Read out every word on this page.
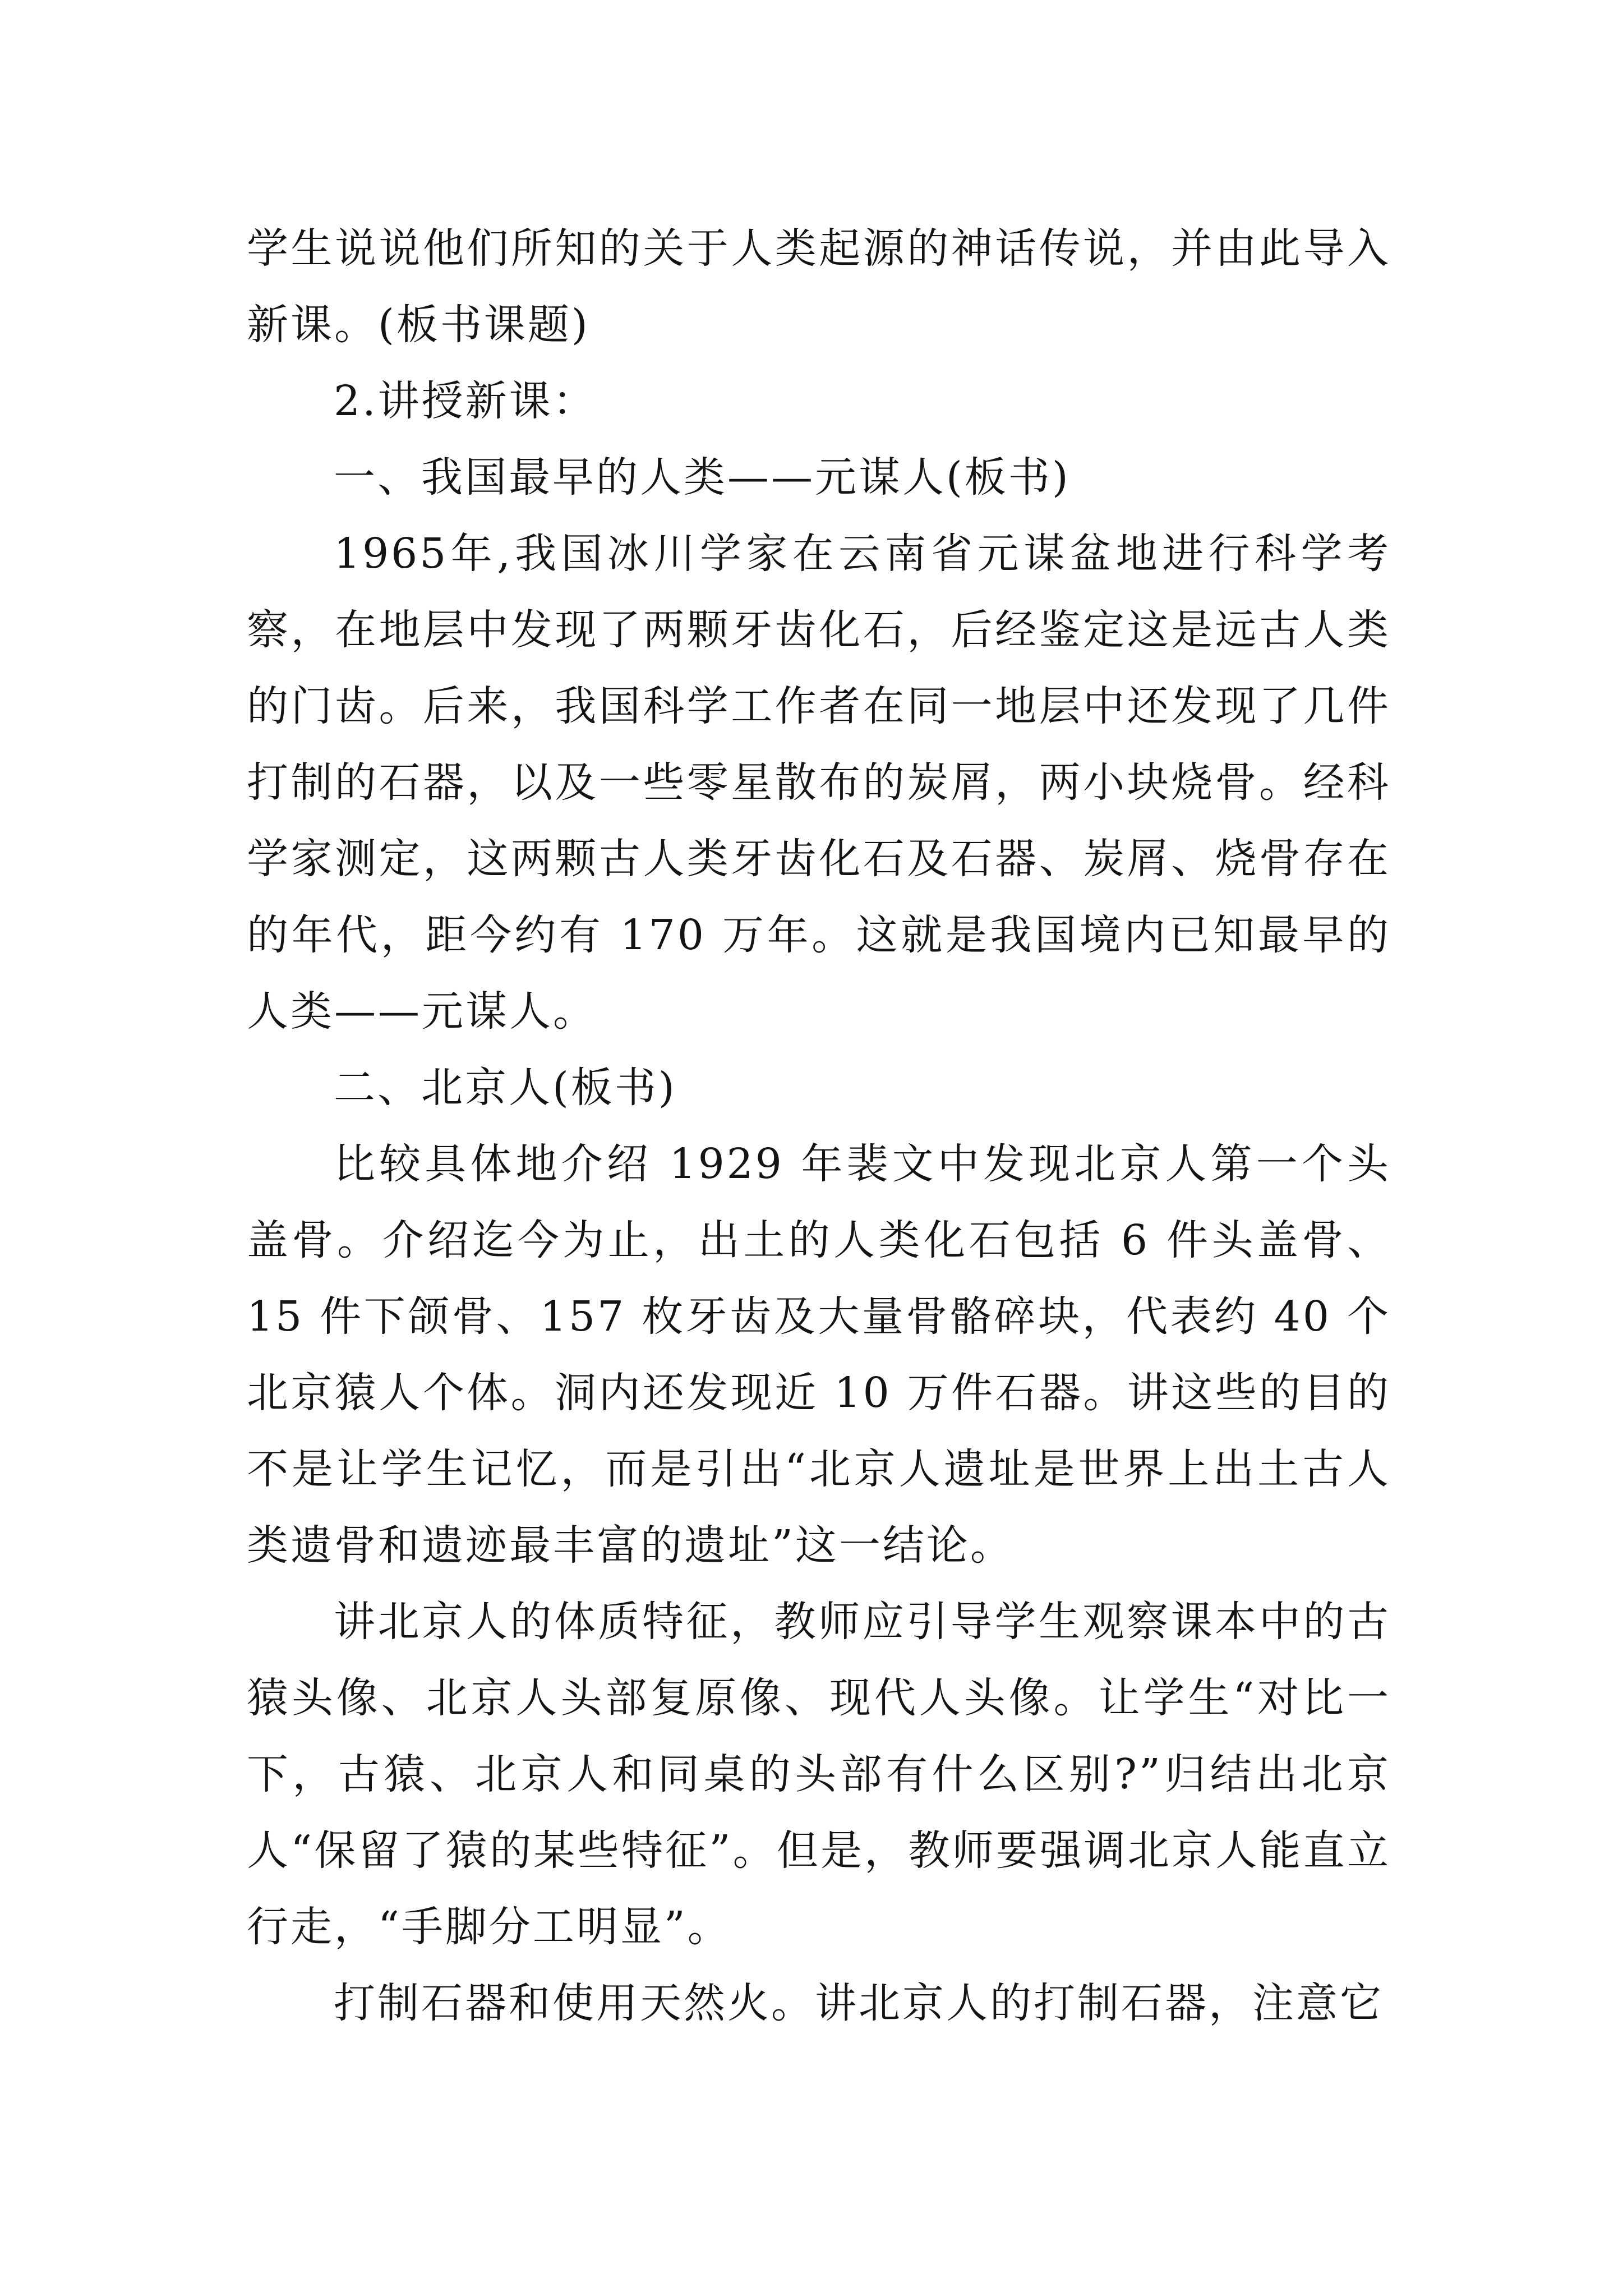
学生说说他们所知的关于人类起源的神话传说，并由此导入新课。(板书课题)

2.讲授新课：

一、我国最早的人类——元谋人(板书)

1965年,我国冰川学家在云南省元谋盆地进行科学考察，在地层中发现了两颗牙齿化石，后经鉴定这是远古人类的门齿。后来，我国科学工作者在同一地层中还发现了几件打制的石器，以及一些零星散布的炭屑，两小块烧骨。经科学家测定，这两颗古人类牙齿化石及石器、炭屑、烧骨存在的年代，距今约有 170 万年。这就是我国境内已知最早的人类——元谋人。

二、北京人(板书)

比较具体地介绍 1929 年裴文中发现北京人第一个头盖骨。介绍迄今为止，出土的人类化石包括 6 件头盖骨、15 件下颌骨、157 枚牙齿及大量骨骼碎块，代表约 40 个北京猿人个体。洞内还发现近 10 万件石器。讲这些的目的不是让学生记忆，而是引出“北京人遗址是世界上出土古人类遗骨和遗迹最丰富的遗址”这一结论。

讲北京人的体质特征，教师应引导学生观察课本中的古猿头像、北京人头部复原像、现代人头像。让学生“对比一下，古猿、北京人和同桌的头部有什么区别?”归结出北京人“保留了猿的某些特征”。但是，教师要强调北京人能直立行走，“手脚分工明显”。

打制石器和使用天然火。讲北京人的打制石器，注意它
